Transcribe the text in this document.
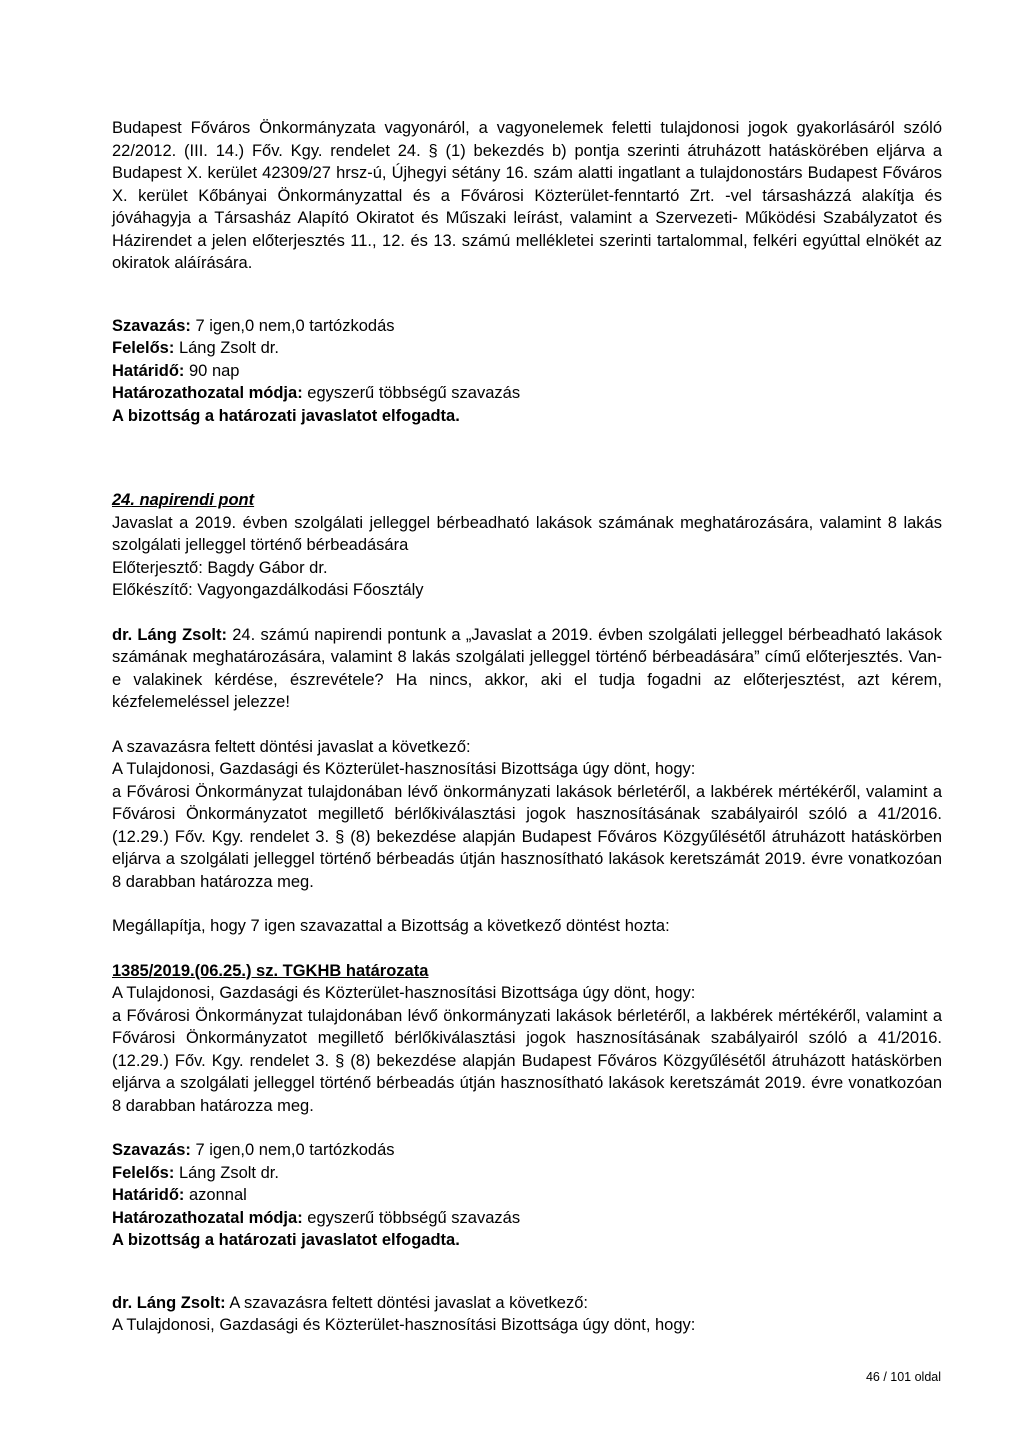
Budapest Főváros Önkormányzata vagyonáról, a vagyonelemek feletti tulajdonosi jogok gyakorlásáról szóló 22/2012. (III. 14.) Főv. Kgy. rendelet 24. § (1) bekezdés b) pontja szerinti átruházott hatáskörében eljárva a Budapest X. kerület 42309/27 hrsz-ú, Újhegyi sétány 16. szám alatti ingatlant a tulajdonostárs Budapest Főváros X. kerület Kőbányai Önkormányzattal és a Fővárosi Közterület-fenntartó Zrt. -vel társasházzá alakítja és jóváhagyja a Társasház Alapító Okiratot és Műszaki leírást, valamint a Szervezeti- Működési Szabályzatot és Házirendet a jelen előterjesztés 11., 12. és 13. számú mellékletei szerinti tartalommal, felkéri egyúttal elnökét az okiratok aláírására.

Szavazás: 7 igen,0 nem,0 tartózkodás

Felelős: Láng Zsolt dr.

Határidő: 90 nap

Határozathozatal módja: egyszerű többségű szavazás

A bizottság a határozati javaslatot elfogadta.

24. napirendi pont

Javaslat a 2019. évben szolgálati jelleggel bérbeadható lakások számának meghatározására, valamint 8 lakás szolgálati jelleggel történő bérbeadására

Előterjesztő: Bagdy Gábor dr.

Előkészítő: Vagyongazdálkodási Főosztály

dr. Láng Zsolt: 24. számú napirendi pontunk a „Javaslat a 2019. évben szolgálati jelleggel bérbeadható lakások számának meghatározására, valamint 8 lakás szolgálati jelleggel történő bérbeadására” című előterjesztés. Van-e valakinek kérdése, észrevétele? Ha nincs, akkor, aki el tudja fogadni az előterjesztést, azt kérem, kézfelemeléssel jelezze!

A szavazásra feltett döntési javaslat a következő:

A Tulajdonosi, Gazdasági és Közterület-hasznosítási Bizottsága úgy dönt, hogy:

a Fővárosi Önkormányzat tulajdonában lévő önkormányzati lakások bérletéről, a lakbérek mértékéről, valamint a Fővárosi Önkormányzatot megillető bérlőkiválasztási jogok hasznosításának szabályairól szóló a 41/2016. (12.29.) Főv. Kgy. rendelet 3. § (8) bekezdése alapján Budapest Főváros Közgyűlésétől átruházott hatáskörben eljárva a szolgálati jelleggel történő bérbeadás útján hasznosítható lakások keretszámát 2019. évre vonatkozóan 8 darabban határozza meg.

Megállapítja, hogy 7 igen szavazattal a Bizottság a következő döntést hozta:

1385/2019.(06.25.) sz. TGKHB határozata

A Tulajdonosi, Gazdasági és Közterület-hasznosítási Bizottsága úgy dönt, hogy:

a Fővárosi Önkormányzat tulajdonában lévő önkormányzati lakások bérletéről, a lakbérek mértékéről, valamint a Fővárosi Önkormányzatot megillető bérlőkiválasztási jogok hasznosításának szabályairól szóló a 41/2016. (12.29.) Főv. Kgy. rendelet 3. § (8) bekezdése alapján Budapest Főváros Közgyűlésétől átruházott hatáskörben eljárva a szolgálati jelleggel történő bérbeadás útján hasznosítható lakások keretszámát 2019. évre vonatkozóan 8 darabban határozza meg.

Szavazás: 7 igen,0 nem,0 tartózkodás

Felelős: Láng Zsolt dr.

Határidő: azonnal

Határozathozatal módja: egyszerű többségű szavazás

A bizottság a határozati javaslatot elfogadta.

dr. Láng Zsolt: A szavazásra feltett döntési javaslat a következő:

A Tulajdonosi, Gazdasági és Közterület-hasznosítási Bizottsága úgy dönt, hogy:

46 / 101 oldal
